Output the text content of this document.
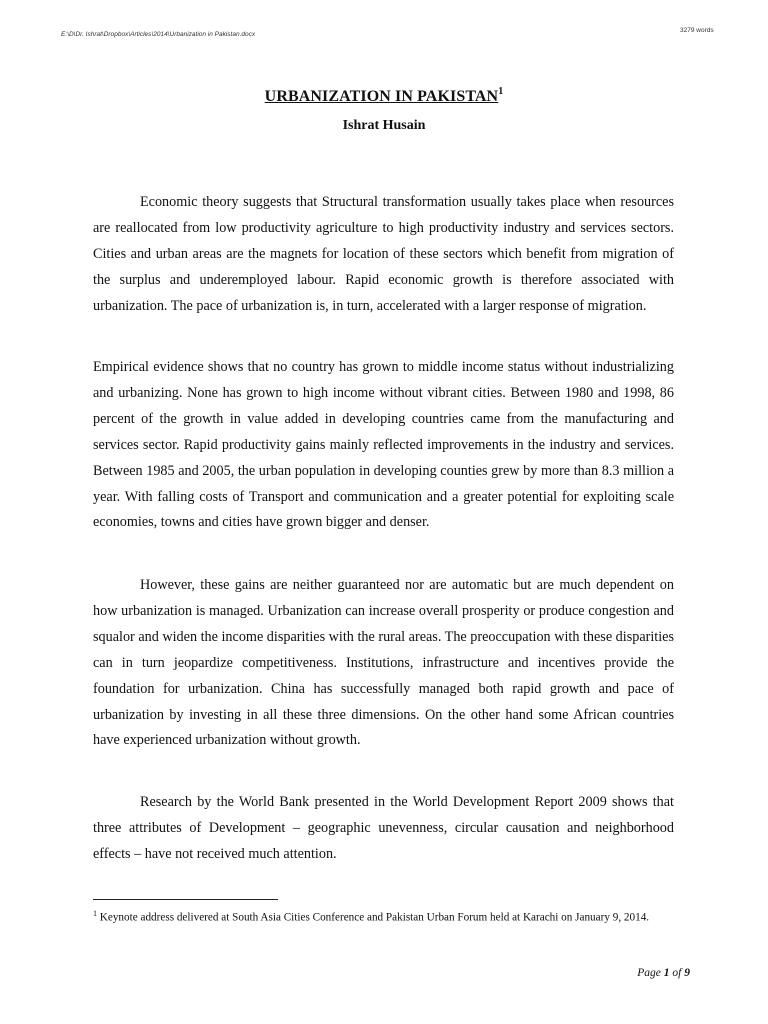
E:\D\Dr. Ishrat\Dropbox\Articles\2014\Urbanization in Pakistan.docx
3279 words
URBANIZATION IN PAKISTAN$^1$
Ishrat Husain

Economic theory suggests that Structural transformation usually takes place when resources are reallocated from low productivity agriculture to high productivity industry and services sectors. Cities and urban areas are the magnets for location of these sectors which benefit from migration of the surplus and underemployed labour. Rapid economic growth is therefore associated with urbanization. The pace of urbanization is, in turn, accelerated with a larger response of migration.

Empirical evidence shows that no country has grown to middle income status without industrializing and urbanizing. None has grown to high income without vibrant cities. Between 1980 and 1998, 86 percent of the growth in value added in developing countries came from the manufacturing and services sector. Rapid productivity gains mainly reflected improvements in the industry and services. Between 1985 and 2005, the urban population in developing counties grew by more than 8.3 million a year. With falling costs of Transport and communication and a greater potential for exploiting scale economies, towns and cities have grown bigger and denser.

However, these gains are neither guaranteed nor are automatic but are much dependent on how urbanization is managed. Urbanization can increase overall prosperity or produce congestion and squalor and widen the income disparities with the rural areas. The preoccupation with these disparities can in turn jeopardize competitiveness. Institutions, infrastructure and incentives provide the foundation for urbanization. China has successfully managed both rapid growth and pace of urbanization by investing in all these three dimensions. On the other hand some African countries have experienced urbanization without growth.

Research by the World Bank presented in the World Development Report 2009 shows that three attributes of Development – geographic unevenness, circular causation and neighborhood effects – have not received much attention.

$^1$ Keynote address delivered at South Asia Cities Conference and Pakistan Urban Forum held at Karachi on January 9, 2014.
Page 1 of 9
